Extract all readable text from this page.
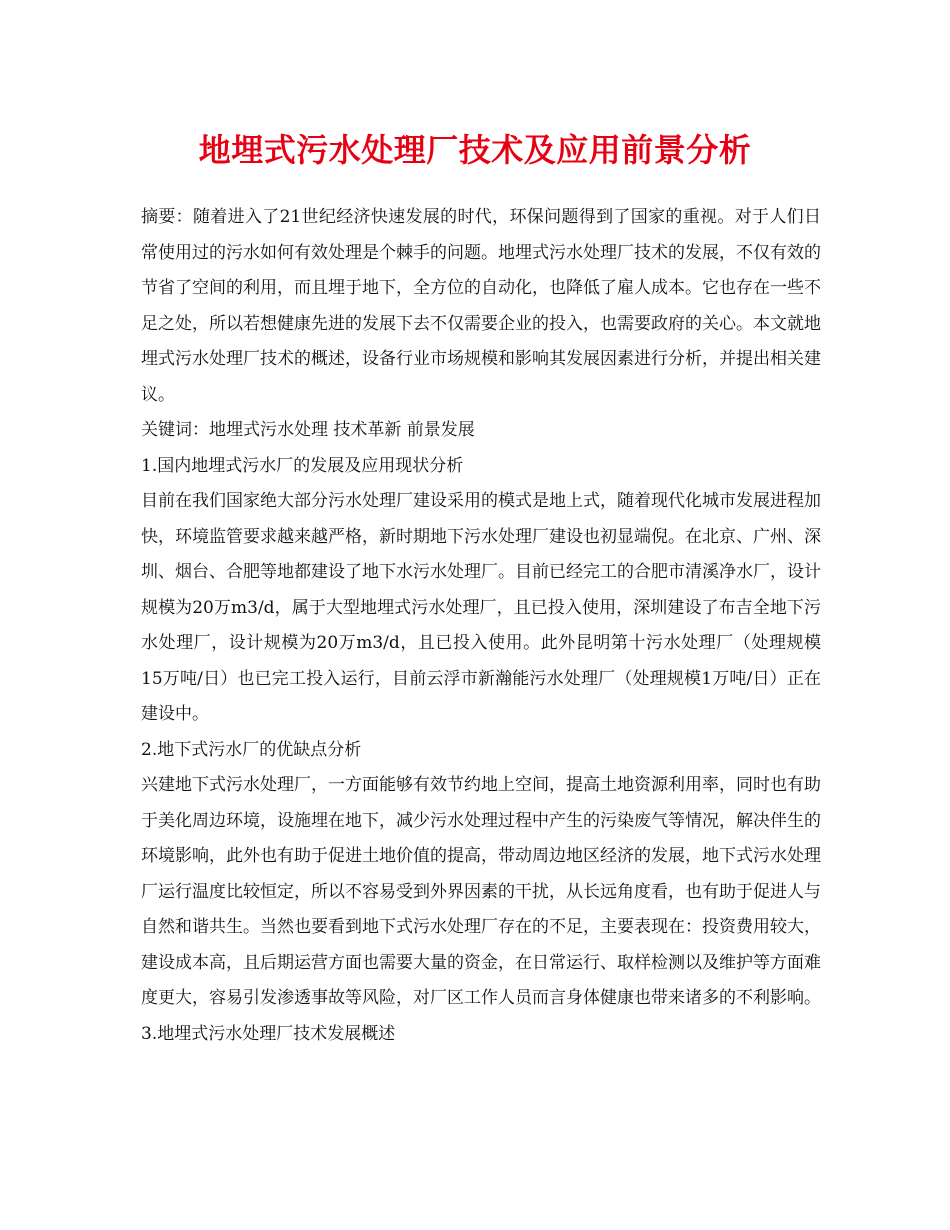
地埋式污水处理厂技术及应用前景分析

摘要：随着进入了21世纪经济快速发展的时代，环保问题得到了国家的重视。对于人们日常使用过的污水如何有效处理是个棘手的问题。地埋式污水处理厂技术的发展，不仅有效的节省了空间的利用，而且埋于地下，全方位的自动化，也降低了雇人成本。它也存在一些不足之处，所以若想健康先进的发展下去不仅需要企业的投入，也需要政府的关心。本文就地埋式污水处理厂技术的概述，设备行业市场规模和影响其发展因素进行分析，并提出相关建议。

关键词：地埋式污水处理 技术革新 前景发展

1.国内地埋式污水厂的发展及应用现状分析

目前在我们国家绝大部分污水处理厂建设采用的模式是地上式，随着现代化城市发展进程加快，环境监管要求越来越严格，新时期地下污水处理厂建设也初显端倪。在北京、广州、深圳、烟台、合肥等地都建设了地下水污水处理厂。目前已经完工的合肥市清溪净水厂，设计规模为20万m3/d，属于大型地埋式污水处理厂，且已投入使用，深圳建设了布吉全地下污水处理厂，设计规模为20万m3/d，且已投入使用。此外昆明第十污水处理厂（处理规模15万吨/日）也已完工投入运行，目前云浮市新瀚能污水处理厂（处理规模1万吨/日）正在建设中。

2.地下式污水厂的优缺点分析

兴建地下式污水处理厂，一方面能够有效节约地上空间，提高土地资源利用率，同时也有助于美化周边环境，设施埋在地下，减少污水处理过程中产生的污染废气等情况，解决伴生的环境影响，此外也有助于促进土地价值的提高，带动周边地区经济的发展，地下式污水处理厂运行温度比较恒定，所以不容易受到外界因素的干扰，从长远角度看，也有助于促进人与自然和谐共生。当然也要看到地下式污水处理厂存在的不足，主要表现在：投资费用较大，建设成本高，且后期运营方面也需要大量的资金，在日常运行、取样检测以及维护等方面难度更大，容易引发渗透事故等风险，对厂区工作人员而言身体健康也带来诸多的不利影响。

3.地埋式污水处理厂技术发展概述
